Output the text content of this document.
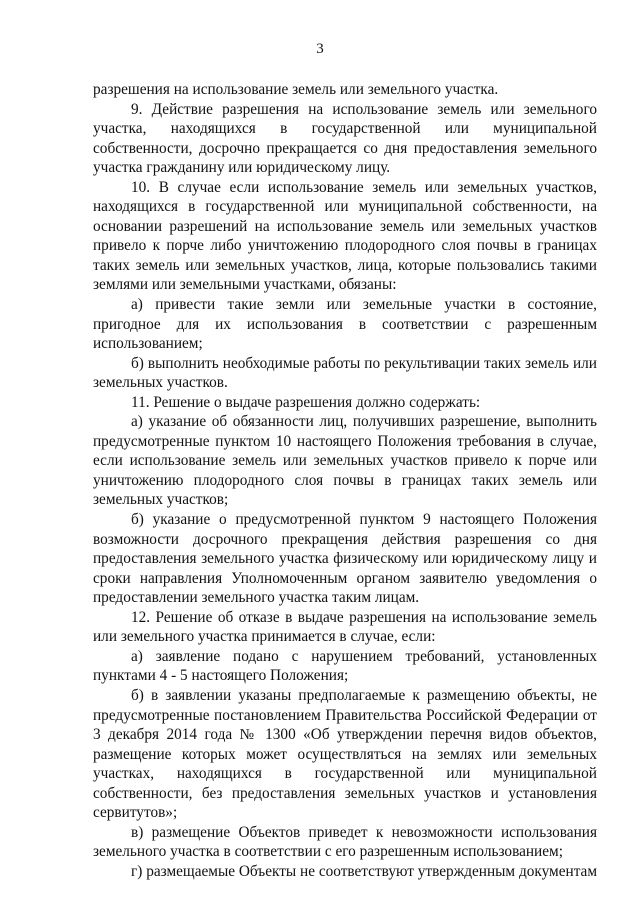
3

разрешения на использование земель или земельного участка.

9. Действие разрешения на использование земель или земельного участка, находящихся в государственной или муниципальной собственности, досрочно прекращается со дня предоставления земельного участка гражданину или юридическому лицу.

10. В случае если использование земель или земельных участков, находящихся в государственной или муниципальной собственности, на основании разрешений на использование земель или земельных участков привело к порче либо уничтожению плодородного слоя почвы в границах таких земель или земельных участков, лица, которые пользовались такими землями или земельными участками, обязаны:

а) привести такие земли или земельные участки в состояние, пригодное для их использования в соответствии с разрешенным использованием;

б) выполнить необходимые работы по рекультивации таких земель или земельных участков.

11. Решение о выдаче разрешения должно содержать:

а) указание об обязанности лиц, получивших разрешение, выполнить предусмотренные пунктом 10 настоящего Положения требования в случае, если использование земель или земельных участков привело к порче или уничтожению плодородного слоя почвы в границах таких земель или земельных участков;

б) указание о предусмотренной пунктом 9 настоящего Положения возможности досрочного прекращения действия разрешения со дня предоставления земельного участка физическому или юридическому лицу и сроки направления Уполномоченным органом заявителю уведомления о предоставлении земельного участка таким лицам.

12. Решение об отказе в выдаче разрешения на использование земель или земельного участка принимается в случае, если:

а) заявление подано с нарушением требований, установленных пунктами 4 - 5 настоящего Положения;

б) в заявлении указаны предполагаемые к размещению объекты, не предусмотренные постановлением Правительства Российской Федерации от 3 декабря 2014 года № 1300 «Об утверждении перечня видов объектов, размещение которых может осуществляться на землях или земельных участках, находящихся в государственной или муниципальной собственности, без предоставления земельных участков и установления сервитутов»;

в) размещение Объектов приведет к невозможности использования земельного участка в соответствии с его разрешенным использованием;

г) размещаемые Объекты не соответствуют утвержденным документам
